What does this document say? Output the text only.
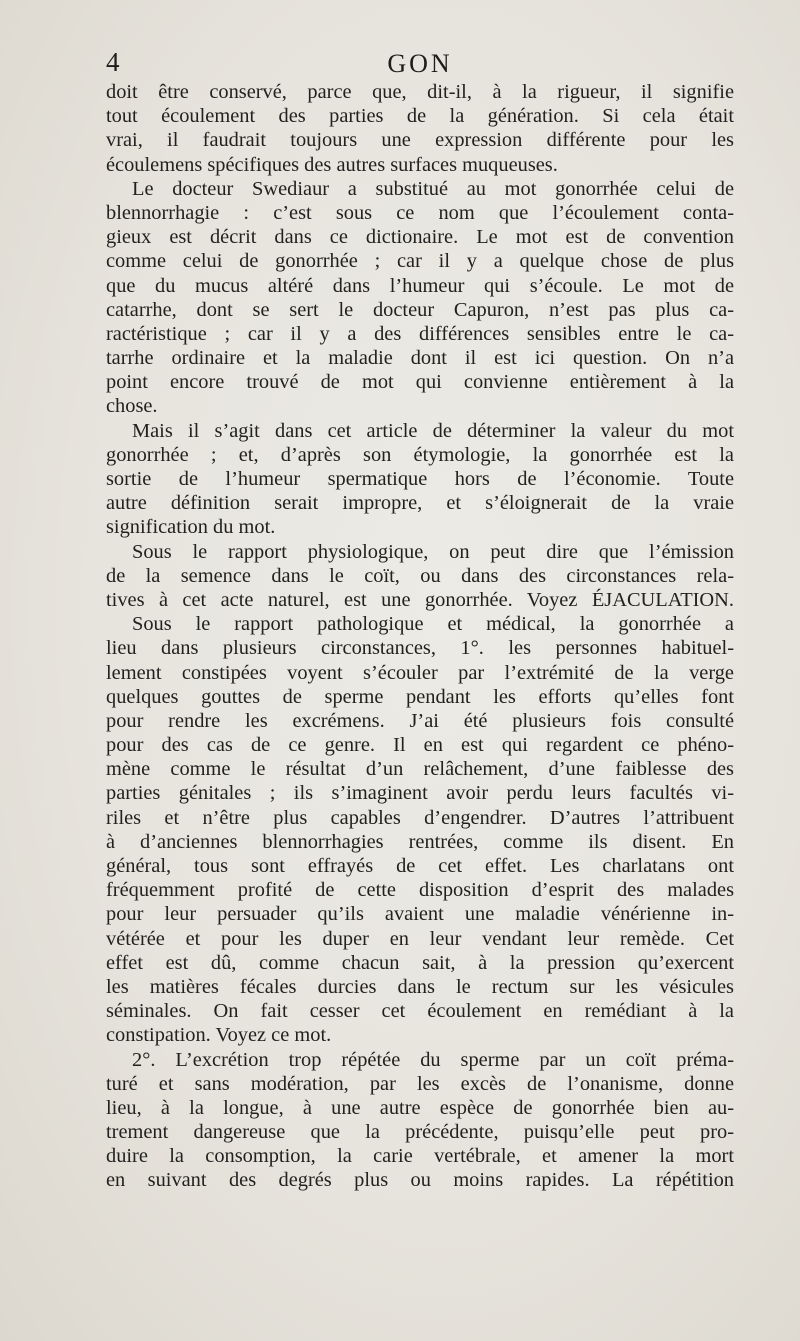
4	GON
doit être conservé, parce que, dit-il, à la rigueur, il signifie
tout écoulement des parties de la génération. Si cela était
vrai, il faudrait toujours une expression différente pour les
écoulemens spécifiques des autres surfaces muqueuses.
Le docteur Swediaur a substitué au mot gonorrhée celui de
blennorrhagie : c’est sous ce nom que l’écoulement conta-
gieux est décrit dans ce dictionaire. Le mot est de convention
comme celui de gonorrhée ; car il y a quelque chose de plus
que du mucus altéré dans l’humeur qui s’écoule. Le mot de
catarrhe, dont se sert le docteur Capuron, n’est pas plus ca-
ractéristique ; car il y a des différences sensibles entre le ca-
tarrhe ordinaire et la maladie dont il est ici question. On n’a
point encore trouvé de mot qui convienne entièrement à la
chose.
Mais il s’agit dans cet article de déterminer la valeur du mot
gonorrhée ; et, d’après son étymologie, la gonorrhée est la
sortie de l’humeur spermatique hors de l’économie. Toute
autre définition serait impropre, et s’éloignerait de la vraie
signification du mot.
Sous le rapport physiologique, on peut dire que l’émission
de la semence dans le coït, ou dans des circonstances rela-
tives à cet acte naturel, est une gonorrhée. Voyez ÉJACULATION.
Sous le rapport pathologique et médical, la gonorrhée a
lieu dans plusieurs circonstances, 1°. les personnes habituel-
lement constipées voyent s’écouler par l’extrémité de la verge
quelques gouttes de sperme pendant les efforts qu’elles font
pour rendre les excrémens. J’ai été plusieurs fois consulté
pour des cas de ce genre. Il en est qui regardent ce phéno-
mène comme le résultat d’un relâchement, d’une faiblesse des
parties génitales ; ils s’imaginent avoir perdu leurs facultés vi-
riles et n’être plus capables d’engendrer. D’autres l’attribuent
à d’anciennes blennorrhagies rentrées, comme ils disent. En
général, tous sont effrayés de cet effet. Les charlatans ont
fréquemment profité de cette disposition d’esprit des malades
pour leur persuader qu’ils avaient une maladie vénérienne in-
vétérée et pour les duper en leur vendant leur remède. Cet
effet est dû, comme chacun sait, à la pression qu’exercent
les matières fécales durcies dans le rectum sur les vésicules
séminales. On fait cesser cet écoulement en remédiant à la
constipation. Voyez ce mot.
2°. L’excrétion trop répétée du sperme par un coït préma-
turé et sans modération, par les excès de l’onanisme, donne
lieu, à la longue, à une autre espèce de gonorrhée bien au-
trement dangereuse que la précédente, puisqu’elle peut pro-
duire la consomption, la carie vertébrale, et amener la mort
en suivant des degrés plus ou moins rapides. La répétition
